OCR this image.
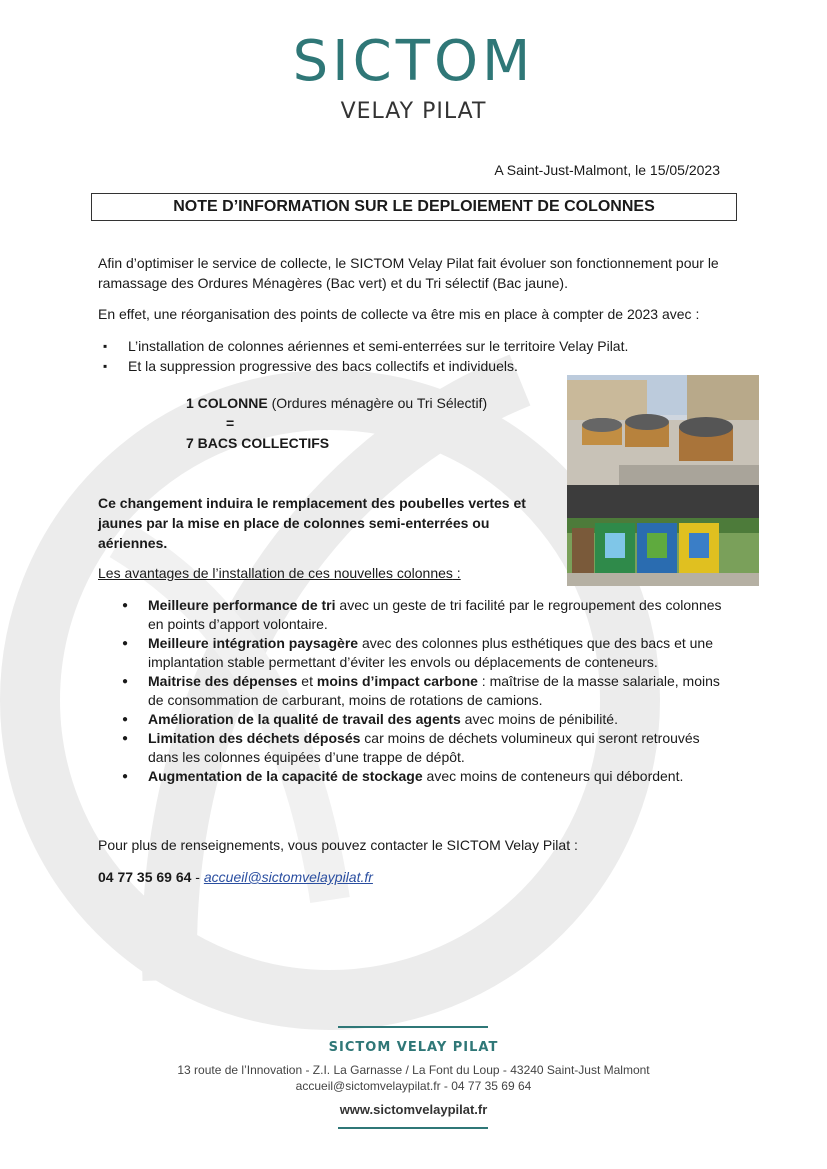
SICTOM
VELAY PILAT
A Saint-Just-Malmont, le 15/05/2023
NOTE D’INFORMATION SUR LE DEPLOIEMENT DE COLONNES
Afin d’optimiser le service de collecte, le SICTOM Velay Pilat fait évoluer son fonctionnement pour le ramassage des Ordures Ménagères (Bac vert) et du Tri sélectif (Bac jaune).
En effet, une réorganisation des points de collecte va être mis en place à compter de 2023 avec :
▪ L’installation de colonnes aériennes et semi-enterrées sur le territoire Velay Pilat.
▪ Et la suppression progressive des bacs collectifs et individuels.
1 COLONNE (Ordures ménagère ou Tri Sélectif)
=
7 BACS COLLECTIFS
Ce changement induira le remplacement des poubelles vertes et jaunes par la mise en place de colonnes semi-enterrées ou aériennes.
Les avantages de l’installation de ces nouvelles colonnes :
● Meilleure performance de tri avec un geste de tri facilité par le regroupement des colonnes en points d’apport volontaire.
● Meilleure intégration paysagère avec des colonnes plus esthétiques que des bacs et une implantation stable permettant d’éviter les envols ou déplacements de conteneurs.
● Maitrise des dépenses et moins d’impact carbone : maîtrise de la masse salariale, moins de consommation de carburant, moins de rotations de camions.
● Amélioration de la qualité de travail des agents avec moins de pénibilité.
● Limitation des déchets déposés car moins de déchets volumineux qui seront retrouvés dans les colonnes équipées d’une trappe de dépôt.
● Augmentation de la capacité de stockage avec moins de conteneurs qui débordent.
Pour plus de renseignements, vous pouvez contacter le SICTOM Velay Pilat :
04 77 35 69 64 - accueil@sictomvelaypilat.fr
SICTOM VELAY PILAT
13 route de l’Innovation - Z.I. La Garnasse / La Font du Loup - 43240 Saint-Just Malmont
accueil@sictomvelaypilat.fr - 04 77 35 69 64
www.sictomvelaypilat.fr
